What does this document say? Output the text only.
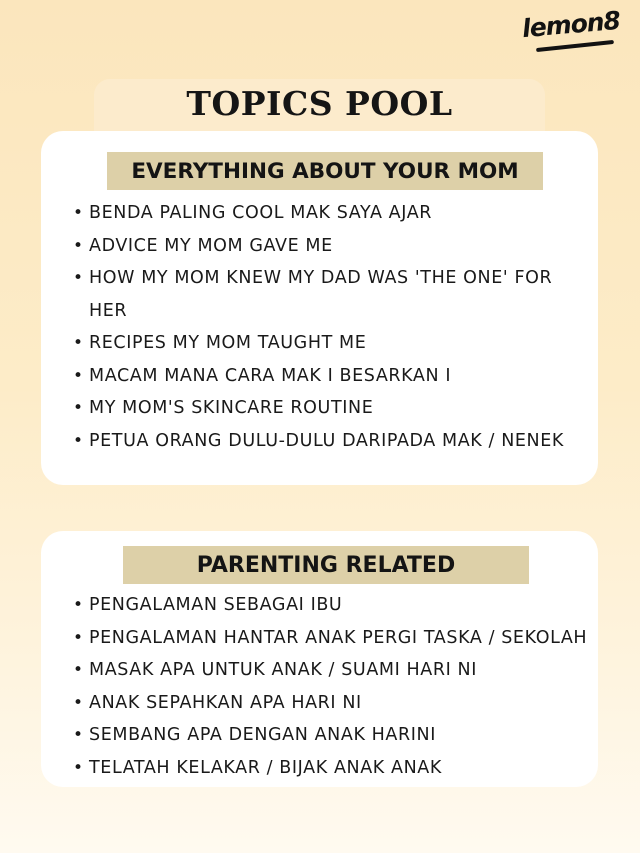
lemon8
TOPICS POOL
EVERYTHING ABOUT YOUR MOM
• BENDA PALING COOL MAK SAYA AJAR
• ADVICE MY MOM GAVE ME
• HOW MY MOM KNEW MY DAD WAS 'THE ONE' FOR HER
• RECIPES MY MOM TAUGHT ME
• MACAM MANA CARA MAK I BESARKAN I
• MY MOM'S SKINCARE ROUTINE
• PETUA ORANG DULU-DULU DARIPADA MAK / NENEK
PARENTING RELATED
• PENGALAMAN SEBAGAI IBU
• PENGALAMAN HANTAR ANAK PERGI TASKA / SEKOLAH
• MASAK APA UNTUK ANAK / SUAMI HARI NI
• ANAK SEPAHKAN APA HARI NI
• SEMBANG APA DENGAN ANAK HARINI
• TELATAH KELAKAR / BIJAK ANAK ANAK
